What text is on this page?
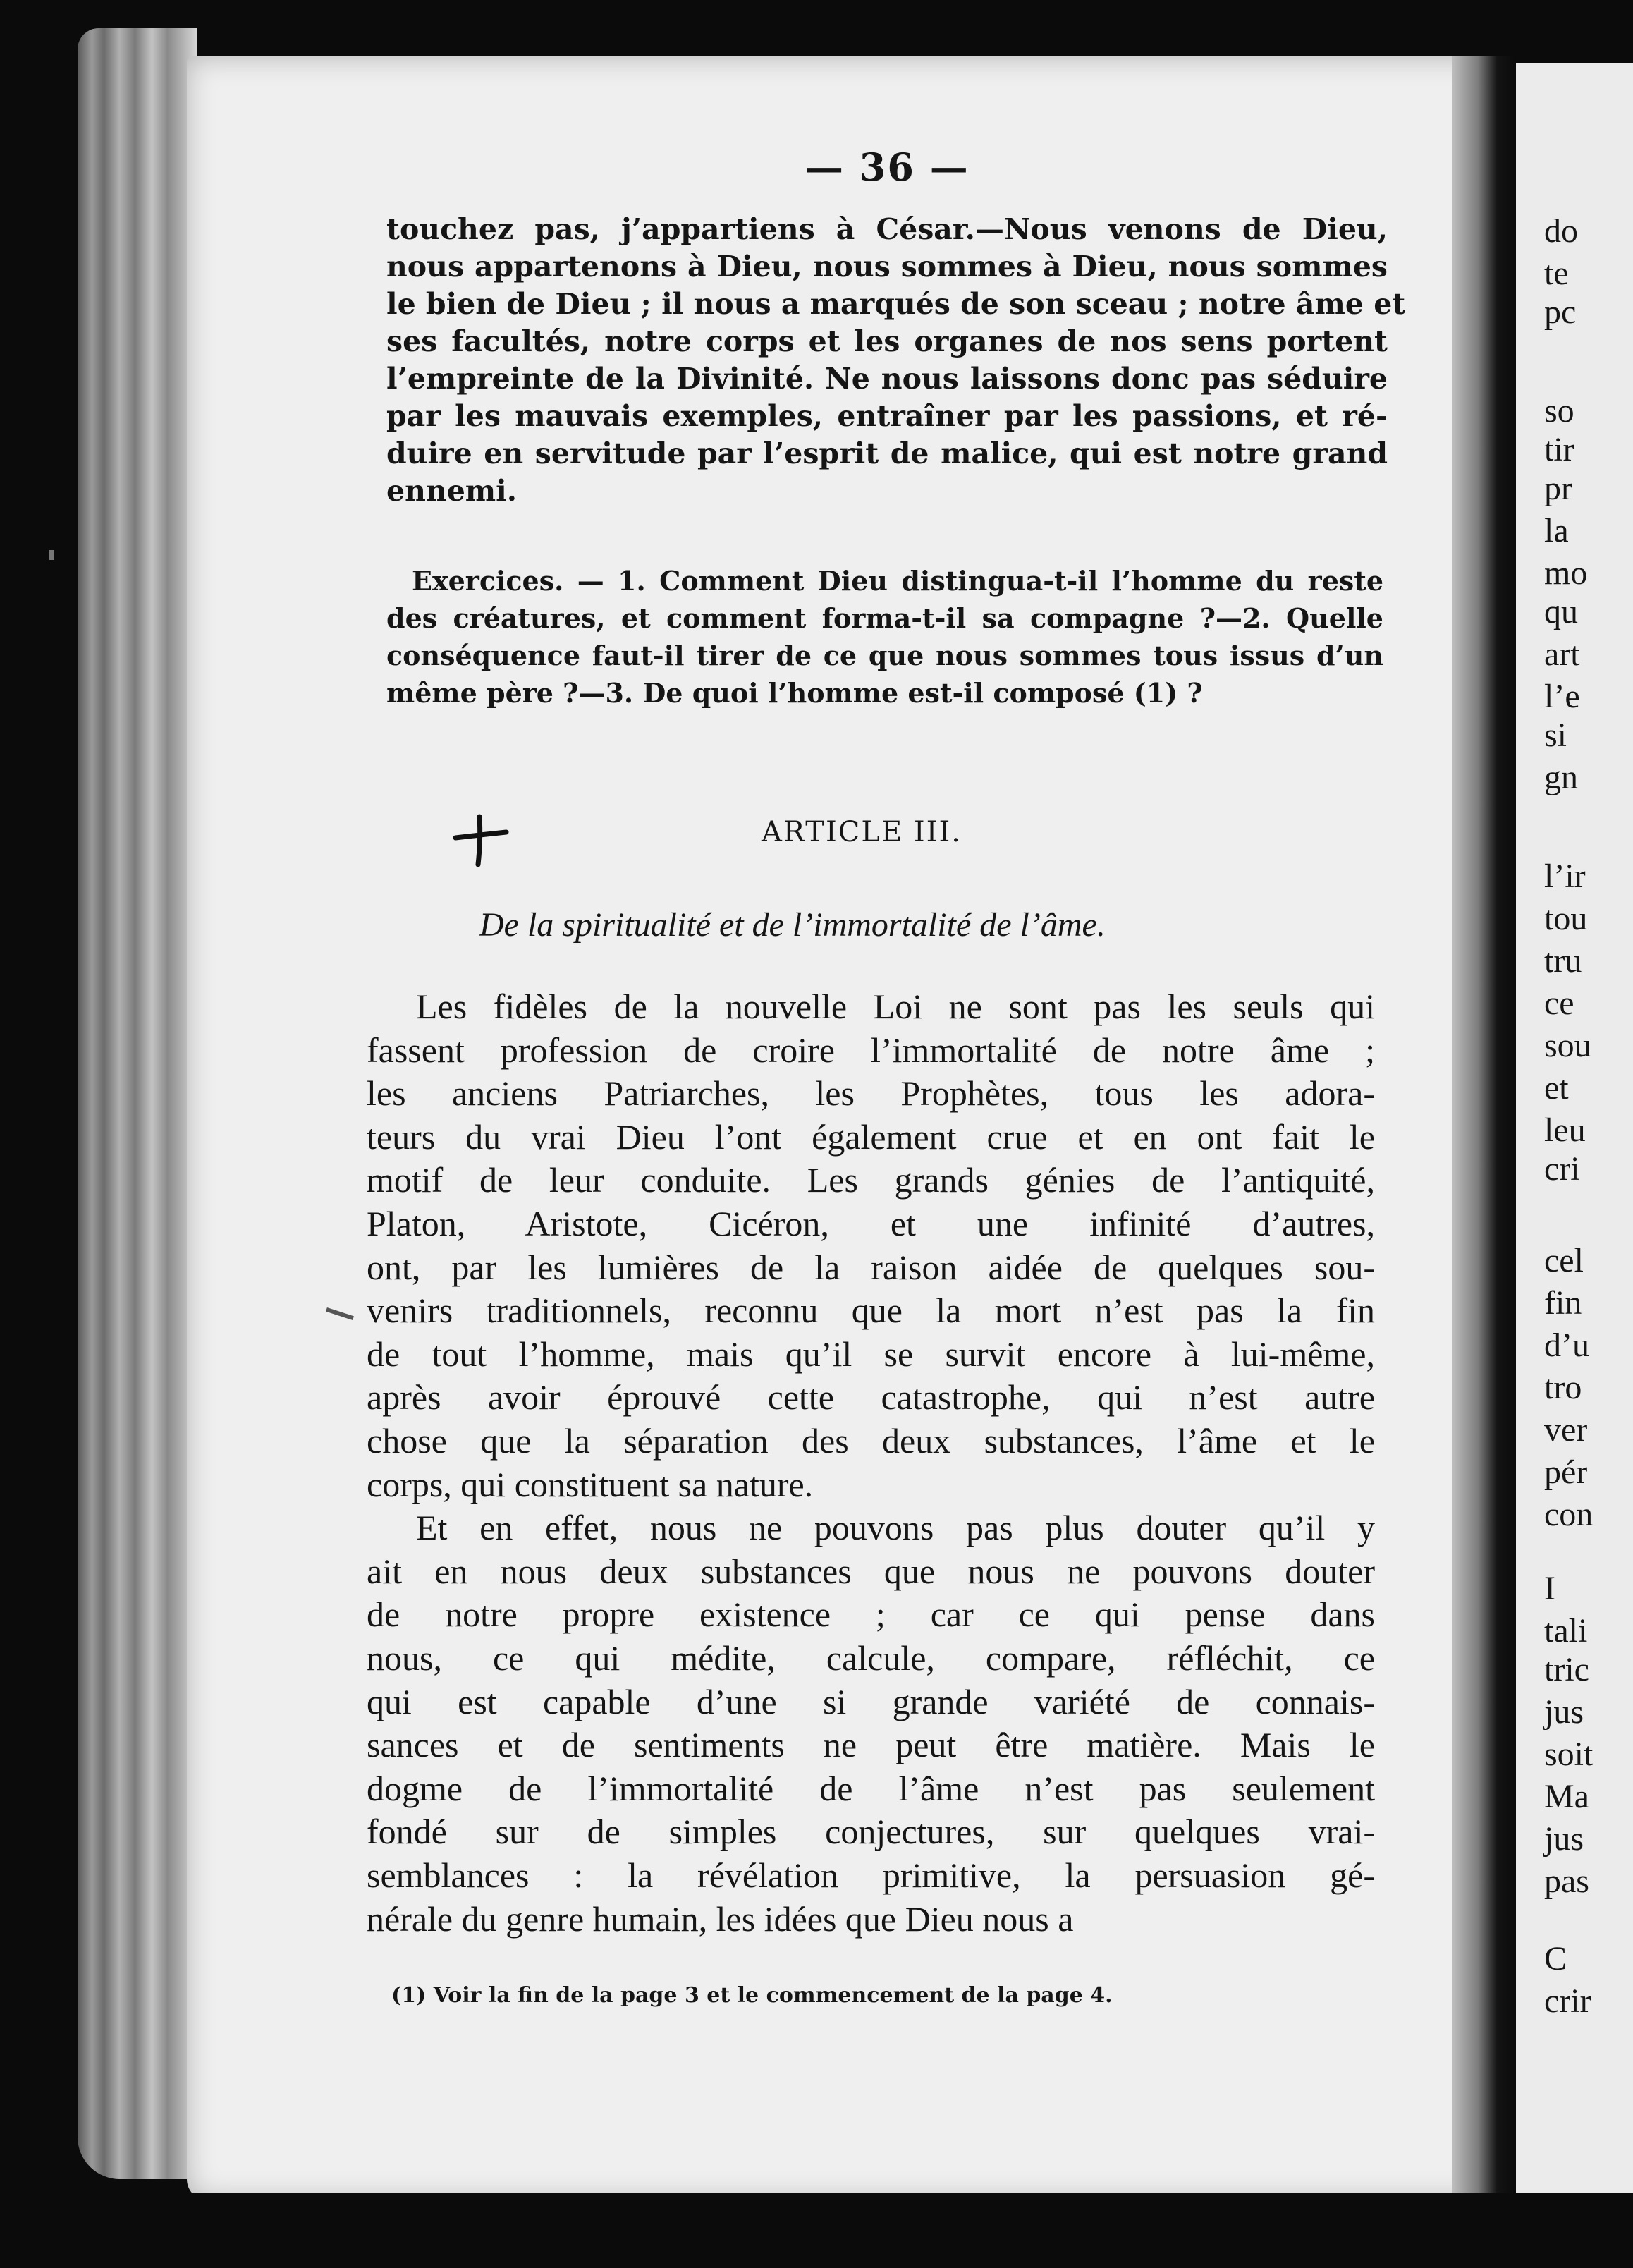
do
te
pc
so
tir
pr
la
mo
qu
art
l’e
si
gn
l’ir
tou
tru
ce
sou
et
leu
cri
cel
fin
d’u
tro
ver
pér
con
I
tali
tric
jus
soit
Ma
jus
pas
C
crir
— 36 —
touchez pas, j’appartiens à César.—Nous venons de Dieu,
nous appartenons à Dieu, nous sommes à Dieu, nous sommes
le bien de Dieu ; il nous a marqués de son sceau ; notre âme et
ses facultés, notre corps et les organes de nos sens portent
l’empreinte de la Divinité. Ne nous laissons donc pas séduire
par les mauvais exemples, entraîner par les passions, et ré-
duire en servitude par l’esprit de malice, qui est notre grand
ennemi.
Exercices. — 1. Comment Dieu distingua-t-il l’homme du reste
des créatures, et comment forma-t-il sa compagne ?—2. Quelle
conséquence faut-il tirer de ce que nous sommes tous issus d’un
même père ?—3. De quoi l’homme est-il composé (1) ?
ARTICLE III.
De la spiritualité et de l’immortalité de l’âme.
Les fidèles de la nouvelle Loi ne sont pas les seuls qui
fassent profession de croire l’immortalité de notre âme ;
les anciens Patriarches, les Prophètes, tous les adora-
teurs du vrai Dieu l’ont également crue et en ont fait le
motif de leur conduite. Les grands génies de l’antiquité,
Platon, Aristote, Cicéron, et une infinité d’autres,
ont, par les lumières de la raison aidée de quelques sou-
venirs traditionnels, reconnu que la mort n’est pas la fin
de tout l’homme, mais qu’il se survit encore à lui-même,
après avoir éprouvé cette catastrophe, qui n’est autre
chose que la séparation des deux substances, l’âme et le
corps, qui constituent sa nature.
Et en effet, nous ne pouvons pas plus douter qu’il y
ait en nous deux substances que nous ne pouvons douter
de notre propre existence ; car ce qui pense dans
nous, ce qui médite, calcule, compare, réfléchit, ce
qui est capable d’une si grande variété de connais-
sances et de sentiments ne peut être matière. Mais le
dogme de l’immortalité de l’âme n’est pas seulement
fondé sur de simples conjectures, sur quelques vrai-
semblances : la révélation primitive, la persuasion gé-
nérale du genre humain, les idées que Dieu nous a
(1) Voir la fin de la page 3 et le commencement de la page 4.
